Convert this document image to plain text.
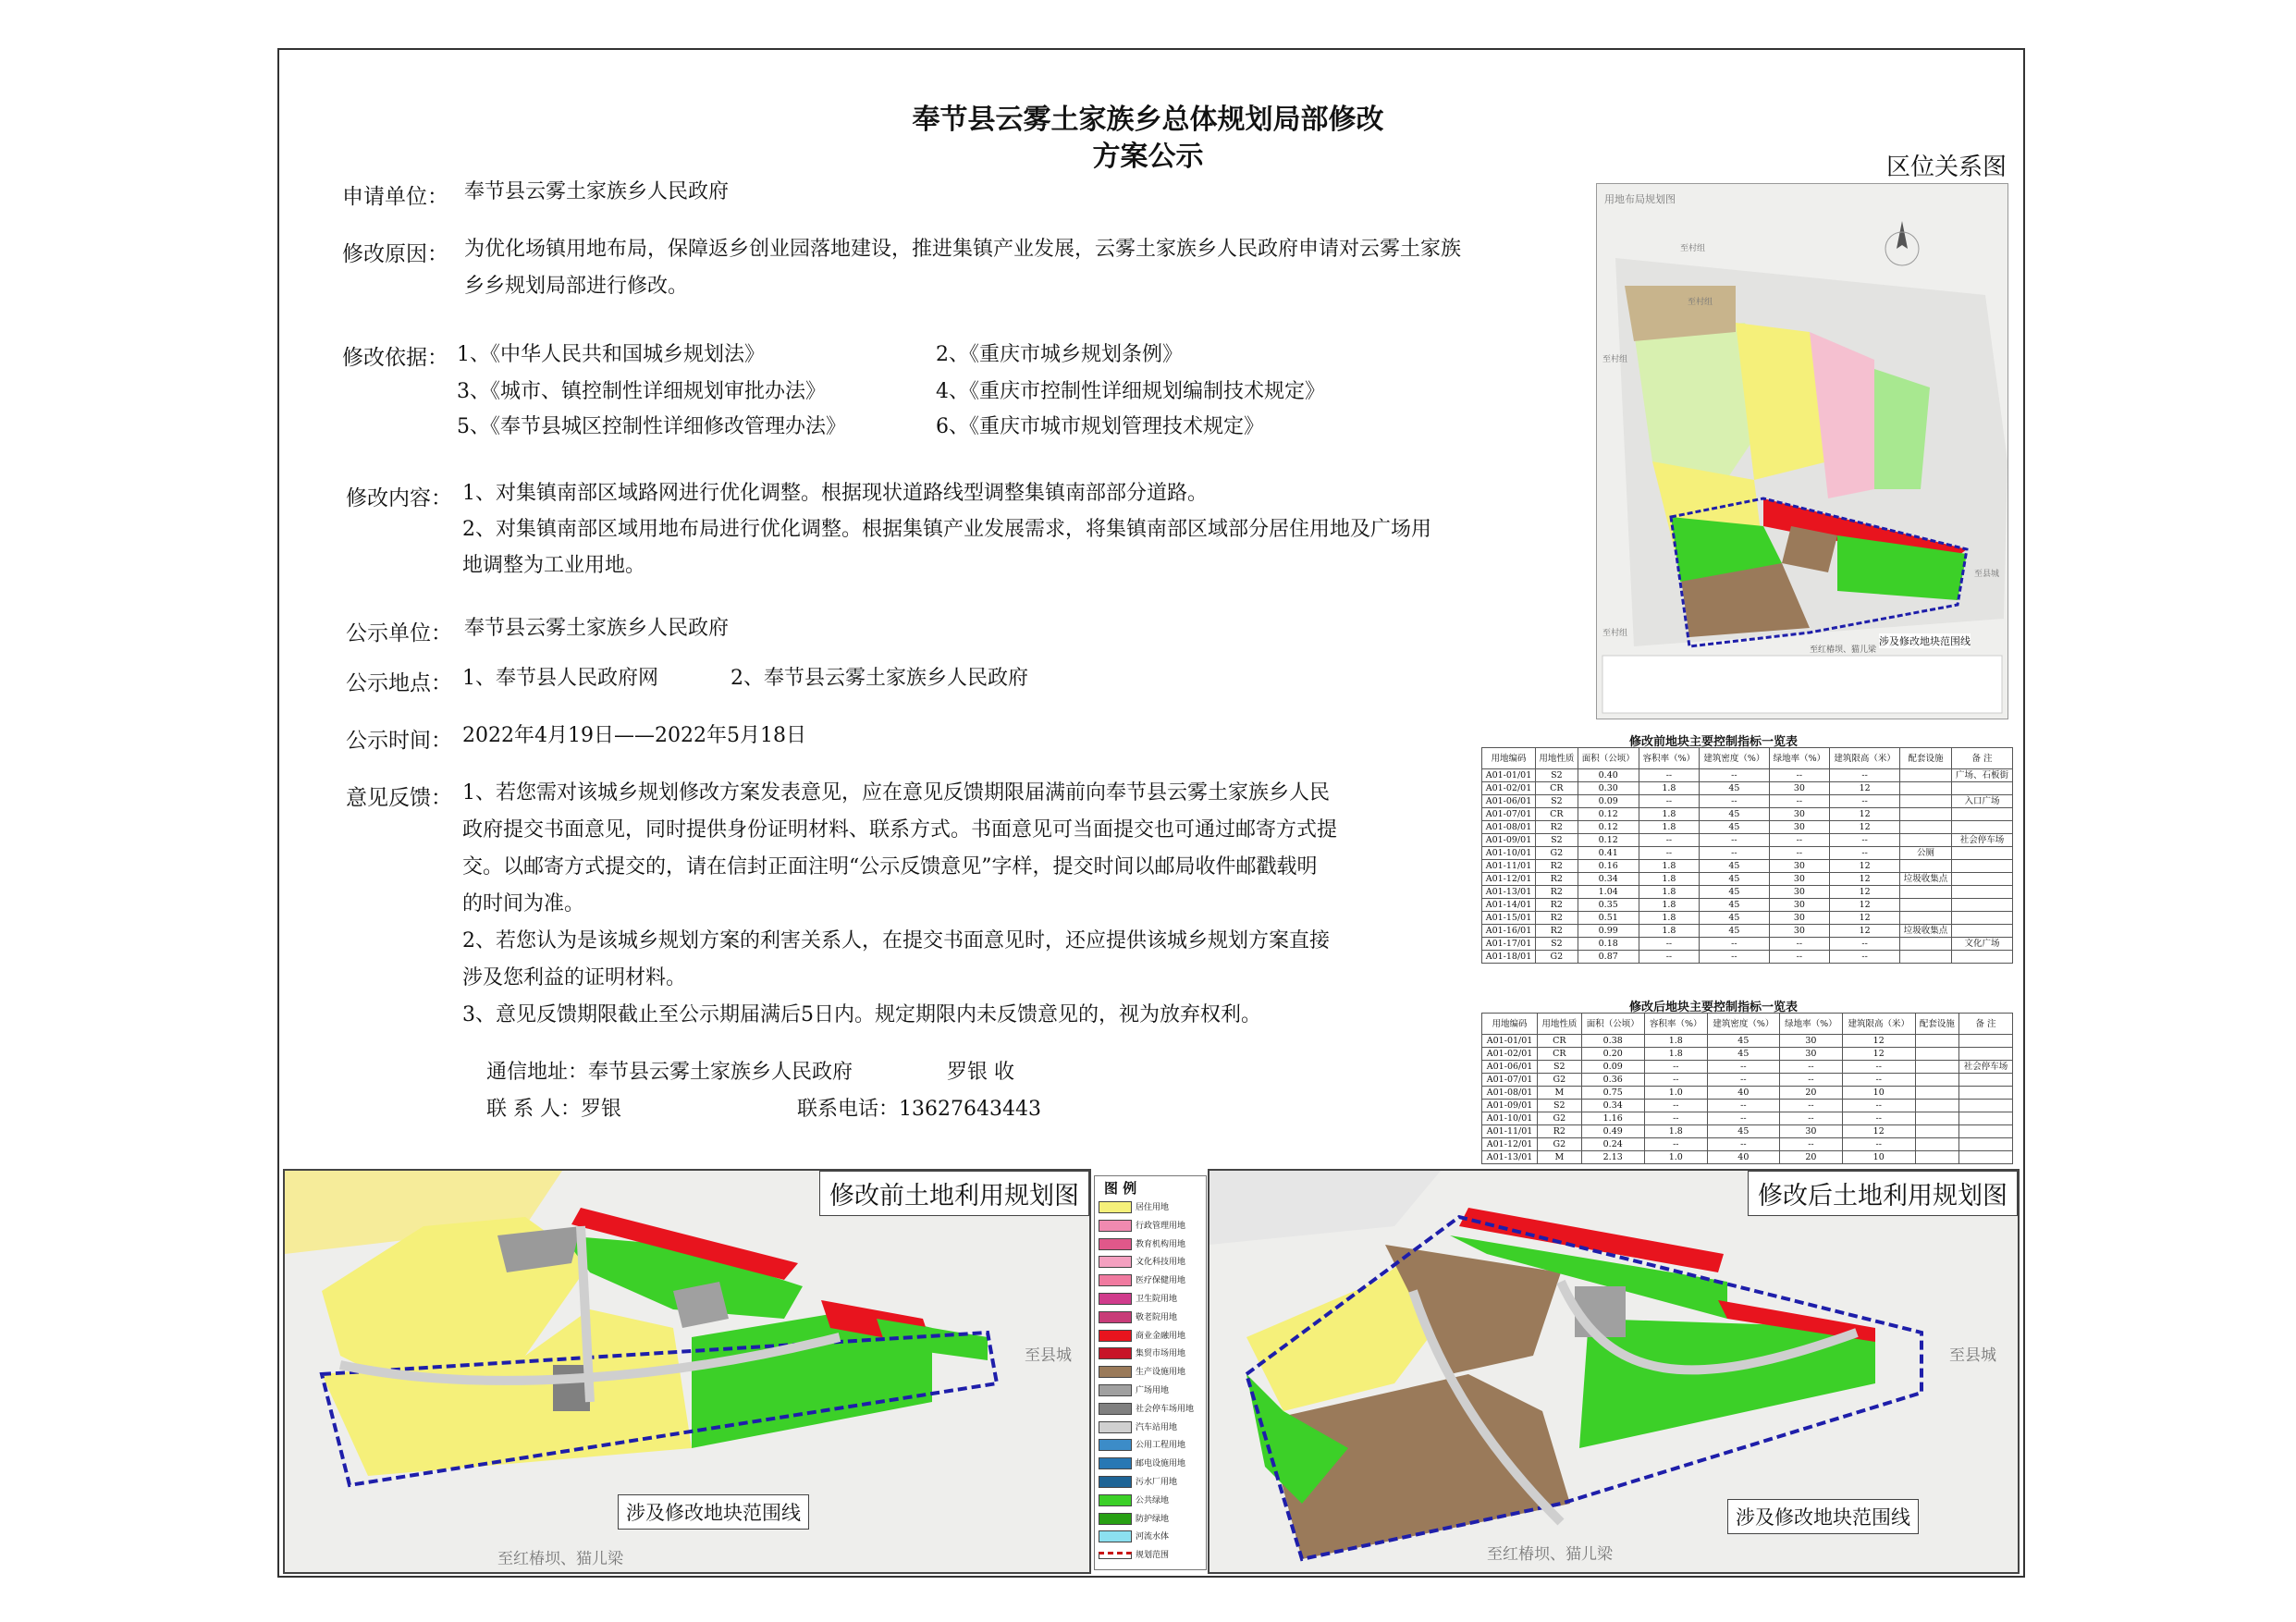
奉节县云雾土家族乡总体规划局部修改
方案公示
申请单位： 奉节县云雾土家族乡人民政府
修改原因： 为优化场镇用地布局，保障返乡创业园落地建设，推进集镇产业发展，云雾土家族乡人民政府申请对云雾土家族
乡乡规划局部进行修改。
修改依据： 1、《中华人民共和国城乡规划法》	2、《重庆市城乡规划条例》
3、《城市、镇控制性详细规划审批办法》	4、《重庆市控制性详细规划编制技术规定》
5、《奉节县城区控制性详细修改管理办法》	6、《重庆市城市规划管理技术规定》
修改内容： 1、对集镇南部区域路网进行优化调整。根据现状道路线型调整集镇南部部分道路。
2、对集镇南部区域用地布局进行优化调整。根据集镇产业发展需求，将集镇南部区域部分居住用地及广场用
地调整为工业用地。
公示单位： 奉节县云雾土家族乡人民政府
公示地点： 1、奉节县人民政府网	2、奉节县云雾土家族乡人民政府
公示时间： 2022年4月19日——2022年5月18日
意见反馈： 1、若您需对该城乡规划修改方案发表意见，应在意见反馈期限届满前向奉节县云雾土家族乡人民
政府提交书面意见，同时提供身份证明材料、联系方式。书面意见可当面提交也可通过邮寄方式提
交。以邮寄方式提交的，请在信封正面注明“公示反馈意见”字样，提交时间以邮局收件邮戳载明
的时间为准。
2、若您认为是该城乡规划方案的利害关系人，在提交书面意见时，还应提供该城乡规划方案直接
涉及您利益的证明材料。
3、意见反馈期限截止至公示期届满后5日内。规定期限内未反馈意见的，视为放弃权利。
通信地址：奉节县云雾土家族乡人民政府	罗银 收
联 系 人：罗银	联系电话：13627643443
区位关系图
用地布局规划图
至村组
至村组
至村组
至县城
至村组
涉及修改地块范围线
至红椿坝、猫儿梁
修改前地块主要控制指标一览表
用地编码	用地性质	面积（公顷）	容积率（%）	建筑密度（%）	绿地率（%）	建筑限高（米）	配套设施	备 注
A01-01/01	S2	0.40	--	--	--	--		广场、石板街
A01-02/01	CR	0.30	1.8	45	30	12		
A01-06/01	S2	0.09	--	--	--	--		入口广场
A01-07/01	CR	0.12	1.8	45	30	12		
A01-08/01	R2	0.12	1.8	45	30	12		
A01-09/01	S2	0.12	--	--	--	--		社会停车场
A01-10/01	G2	0.41	--	--	--	--	公厕	
A01-11/01	R2	0.16	1.8	45	30	12		
A01-12/01	R2	0.34	1.8	45	30	12	垃圾收集点	
A01-13/01	R2	1.04	1.8	45	30	12		
A01-14/01	R2	0.35	1.8	45	30	12		
A01-15/01	R2	0.51	1.8	45	30	12		
A01-16/01	R2	0.99	1.8	45	30	12	垃圾收集点	
A01-17/01	S2	0.18	--	--	--	--		文化广场
A01-18/01	G2	0.87	--	--	--	--		
修改后地块主要控制指标一览表
用地编码	用地性质	面积（公顷）	容积率（%）	建筑密度（%）	绿地率（%）	建筑限高（米）	配套设施	备 注
A01-01/01	CR	0.38	1.8	45	30	12		
A01-02/01	CR	0.20	1.8	45	30	12		
A01-06/01	S2	0.09	--	--	--	--		社会停车场
A01-07/01	G2	0.36	--	--	--	--		
A01-08/01	M	0.75	1.0	40	20	10		
A01-09/01	S2	0.34	--	--	--	--		
A01-10/01	G2	1.16	--	--	--	--		
A01-11/01	R2	0.49	1.8	45	30	12		
A01-12/01	G2	0.24	--	--	--	--		
A01-13/01	M	2.13	1.0	40	20	10		
修改前土地利用规划图
涉及修改地块范围线
至红椿坝、猫儿梁
至县城
图 例
居住用地
行政管理用地
教育机构用地
文化科技用地
医疗保健用地
卫生院用地
敬老院用地
商业金融用地
集贸市场用地
生产设施用地
广场用地
社会停车场用地
汽车站用地
公用工程用地
邮电设施用地
污水厂用地
公共绿地
防护绿地
河流水体
规划范围
修改后土地利用规划图
涉及修改地块范围线
至红椿坝、猫儿梁
至县城
